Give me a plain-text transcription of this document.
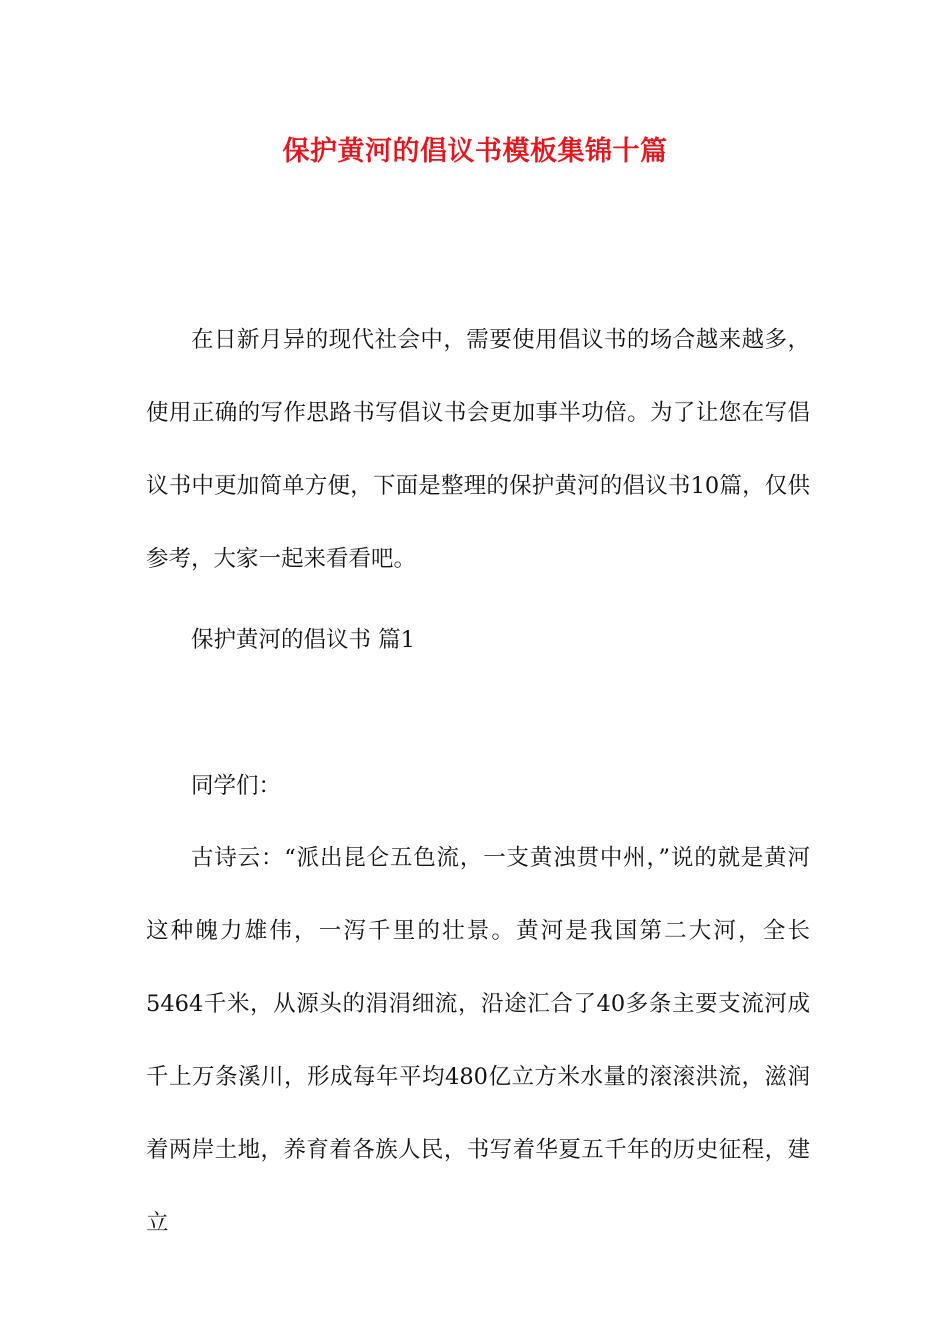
保护黄河的倡议书模板集锦十篇
在日新月异的现代社会中，需要使用倡议书的场合越来越多，使用正确的写作思路书写倡议书会更加事半功倍。为了让您在写倡议书中更加简单方便，下面是整理的保护黄河的倡议书10篇，仅供参考，大家一起来看看吧。
保护黄河的倡议书 篇1
同学们：
古诗云：“派出昆仑五色流，一支黄浊贯中州，”说的就是黄河这种魄力雄伟，一泻千里的壮景。黄河是我国第二大河，全长5464千米，从源头的涓涓细流，沿途汇合了40多条主要支流河成千上万条溪川，形成每年平均480亿立方米水量的滚滚洪流，滋润着两岸土地，养育着各族人民，书写着华夏五千年的历史征程，建立
